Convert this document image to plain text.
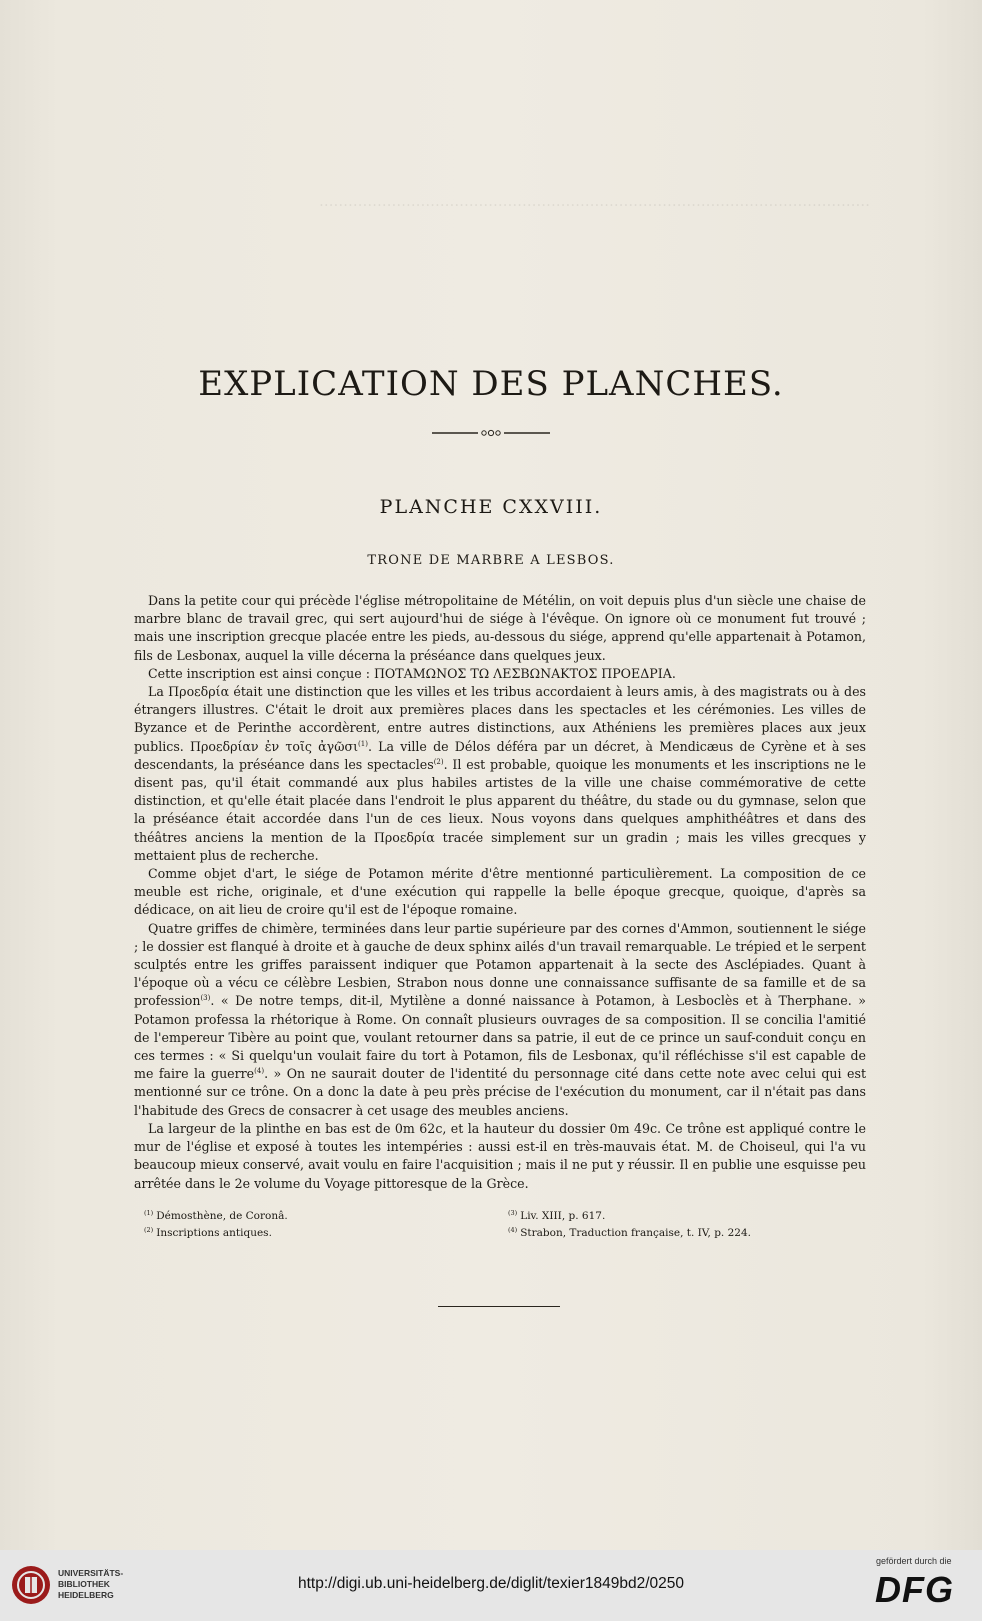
……………………………………………………………………………………………………

EXPLICATION DES PLANCHES.
PLANCHE CXXVIII.
TRONE DE MARBRE A LESBOS.

Dans la petite cour qui précède l'église métropolitaine de Métélin, on voit depuis plus d'un siècle une chaise de marbre blanc de travail grec, qui sert aujourd'hui de siége à l'évêque. On ignore où ce monument fut trouvé ; mais une inscription grecque placée entre les pieds, au-dessous du siége, apprend qu'elle appartenait à Potamon, fils de Lesbonax, auquel la ville décerna la préséance dans quelques jeux.

Cette inscription est ainsi conçue : ΠΟΤΑΜΩΝΟΣ ΤΩ ΛΕΣΒΩΝΑΚΤΟΣ ΠΡΟΕΔΡΙΑ.

La Προεδρία était une distinction que les villes et les tribus accordaient à leurs amis, à des magistrats ou à des étrangers illustres. C'était le droit aux premières places dans les spectacles et les cérémonies. Les villes de Byzance et de Perinthe accordèrent, entre autres distinctions, aux Athéniens les premières places aux jeux publics. Προεδρίαν ἐν τοῖς ἀγῶσι$^{(1)}$. La ville de Délos déféra par un décret, à Mendicæus de Cyrène et à ses descendants, la préséance dans les spectacles$^{(2)}$. Il est probable, quoique les monuments et les inscriptions ne le disent pas, qu'il était commandé aux plus habiles artistes de la ville une chaise commémorative de cette distinction, et qu'elle était placée dans l'endroit le plus apparent du théâtre, du stade ou du gymnase, selon que la préséance était accordée dans l'un de ces lieux. Nous voyons dans quelques amphithéâtres et dans des théâtres anciens la mention de la Προεδρία tracée simplement sur un gradin ; mais les villes grecques y mettaient plus de recherche.

Comme objet d'art, le siége de Potamon mérite d'être mentionné particulièrement. La composition de ce meuble est riche, originale, et d'une exécution qui rappelle la belle époque grecque, quoique, d'après sa dédicace, on ait lieu de croire qu'il est de l'époque romaine.

Quatre griffes de chimère, terminées dans leur partie supérieure par des cornes d'Ammon, soutiennent le siége ; le dossier est flanqué à droite et à gauche de deux sphinx ailés d'un travail remarquable. Le trépied et le serpent sculptés entre les griffes paraissent indiquer que Potamon appartenait à la secte des Asclépiades. Quant à l'époque où a vécu ce célèbre Lesbien, Strabon nous donne une connaissance suffisante de sa famille et de sa profession$^{(3)}$. « De notre temps, dit-il, Mytilène a donné naissance à Potamon, à Lesboclès et à Therphane. » Potamon professa la rhétorique à Rome. On connaît plusieurs ouvrages de sa composition. Il se concilia l'amitié de l'empereur Tibère au point que, voulant retourner dans sa patrie, il eut de ce prince un sauf-conduit conçu en ces termes : « Si quelqu'un voulait faire du tort à Potamon, fils de Lesbonax, qu'il réfléchisse s'il est capable de me faire la guerre$^{(4)}$. » On ne saurait douter de l'identité du personnage cité dans cette note avec celui qui est mentionné sur ce trône. On a donc la date à peu près précise de l'exécution du monument, car il n'était pas dans l'habitude des Grecs de consacrer à cet usage des meubles anciens.

La largeur de la plinthe en bas est de 0m 62c, et la hauteur du dossier 0m 49c. Ce trône est appliqué contre le mur de l'église et exposé à toutes les intempéries : aussi est-il en très-mauvais état. M. de Choiseul, qui l'a vu beaucoup mieux conservé, avait voulu en faire l'acquisition ; mais il ne put y réussir. Il en publie une esquisse peu arrêtée dans le 2e volume du Voyage pittoresque de la Grèce.

$^{(1)}$ Démosthène, de Coronâ.
$^{(2)}$ Inscriptions antiques.
$^{(3)}$ Liv. XIII, p. 617.
$^{(4)}$ Strabon, Traduction française, t. IV, p. 224.
UNIVERSITÄTS-
BIBLIOTHEK
HEIDELBERG
http://digi.ub.uni-heidelberg.de/diglit/texier1849bd2/0250
gefördert durch die
DFG
